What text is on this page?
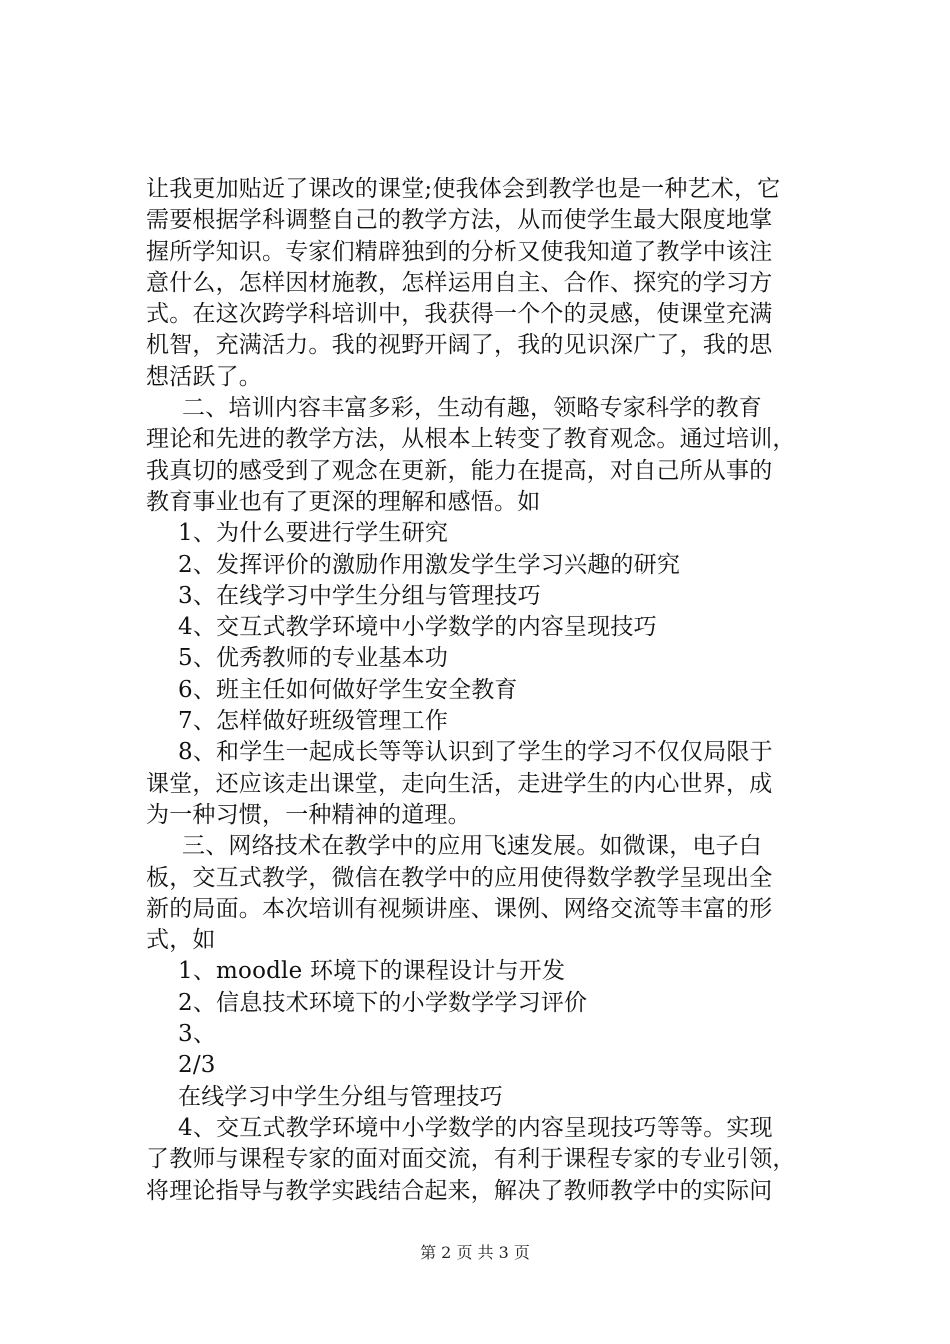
让我更加贴近了课改的课堂;使我体会到教学也是一种艺术，它
需要根据学科调整自己的教学方法，从而使学生最大限度地掌
握所学知识。专家们精辟独到的分析又使我知道了教学中该注
意什么，怎样因材施教，怎样运用自主、合作、探究的学习方
式。在这次跨学科培训中，我获得一个个的灵感，使课堂充满
机智，充满活力。我的视野开阔了，我的见识深广了，我的思
想活跃了。
二、培训内容丰富多彩，生动有趣，领略专家科学的教育
理论和先进的教学方法，从根本上转变了教育观念。通过培训，
我真切的感受到了观念在更新，能力在提高，对自己所从事的
教育事业也有了更深的理解和感悟。如
1、为什么要进行学生研究
2、发挥评价的激励作用激发学生学习兴趣的研究
3、在线学习中学生分组与管理技巧
4、交互式教学环境中小学数学的内容呈现技巧
5、优秀教师的专业基本功
6、班主任如何做好学生安全教育
7、怎样做好班级管理工作
8、和学生一起成长等等认识到了学生的学习不仅仅局限于
课堂，还应该走出课堂，走向生活，走进学生的内心世界，成
为一种习惯，一种精神的道理。
三、网络技术在教学中的应用飞速发展。如微课，电子白
板，交互式教学，微信在教学中的应用使得数学教学呈现出全
新的局面。本次培训有视频讲座、课例、网络交流等丰富的形
式，如
1、moodle 环境下的课程设计与开发
2、信息技术环境下的小学数学学习评价
3、
2/3
在线学习中学生分组与管理技巧
4、交互式教学环境中小学数学的内容呈现技巧等等。实现
了教师与课程专家的面对面交流，有利于课程专家的专业引领，
将理论指导与教学实践结合起来，解决了教师教学中的实际问
第 2 页 共 3 页
